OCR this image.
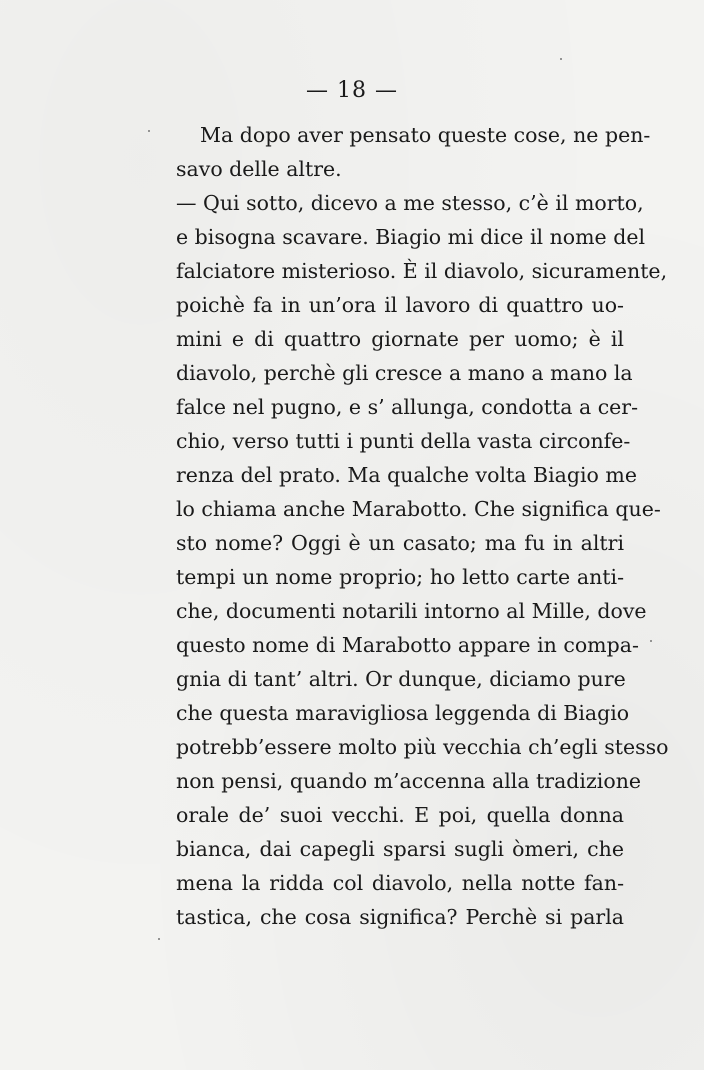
— 18 —
Ma dopo aver pensato queste cose, ne pen-
savo delle altre.
— Qui sotto, dicevo a me stesso, c’è il morto,
e bisogna scavare. Biagio mi dice il nome del
falciatore misterioso. È il diavolo, sicuramente,
poichè fa in un’ora il lavoro di quattro uo-
mini e di quattro giornate per uomo; è il
diavolo, perchè gli cresce a mano a mano la
falce nel pugno, e s’ allunga, condotta a cer-
chio, verso tutti i punti della vasta circonfe-
renza del prato. Ma qualche volta Biagio me
lo chiama anche Marabotto. Che significa que-
sto nome? Oggi è un casato; ma fu in altri
tempi un nome proprio; ho letto carte anti-
che, documenti notarili intorno al Mille, dove
questo nome di Marabotto appare in compa-
gnia di tant’ altri. Or dunque, diciamo pure
che questa maravigliosa leggenda di Biagio
potrebb’essere molto più vecchia ch’egli stesso
non pensi, quando m’accenna alla tradizione
orale de’ suoi vecchi. E poi, quella donna
bianca, dai capegli sparsi sugli òmeri, che
mena la ridda col diavolo, nella notte fan-
tastica, che cosa significa? Perchè si parla
